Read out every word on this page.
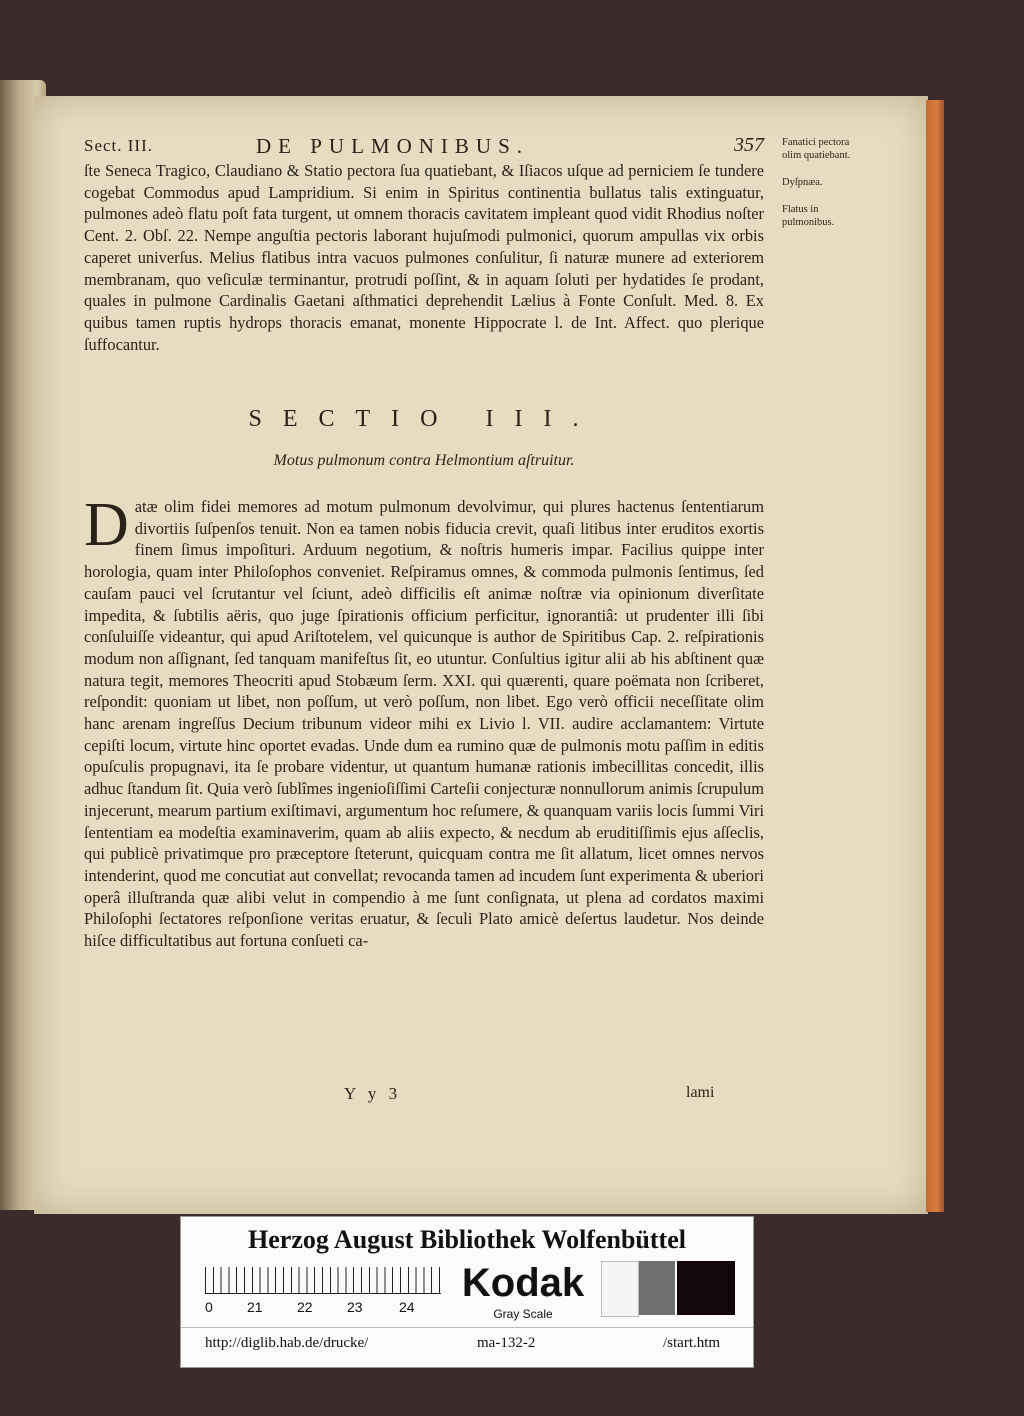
Sect. III.	DE PULMONIBUS.	357 Fanatici pectora olim quatiebant.
Dyſpnæa.
Flatus in pulmonibus.
ſte Seneca Tragico, Claudiano & Statio pectora ſua quatiebant, & Iſiacos uſque ad perniciem ſe tundere cogebat Commodus apud Lampridium. Si enim in Spiritus continentia bullatus talis extinguatur, pulmones adeò flatu poſt fata turgent, ut omnem thoracis cavitatem impleant quod vidit Rhodius noſter Cent. 2. Obſ. 22. Nempe anguſtia pectoris laborant hujuſmodi pulmonici, quorum ampullas vix orbis caperet univerſus. Melius flatibus intra vacuos pulmones conſulitur, ſi naturæ munere ad exteriorem membranam, quo veſiculæ terminantur, protrudi poſſint, & in aquam ſoluti per hydatides ſe prodant, quales in pulmone Cardinalis Gaetani aſthmatici deprehendit Lælius à Fonte Conſult. Med. 8. Ex quibus tamen ruptis hydrops thoracis emanat, monente Hippocrate l. de Int. Affect. quo plerique ſuffocantur.
SECTIO III.
Motus pulmonum contra Helmontium aſtruitur.
D atæ olim fidei memores ad motum pulmonum devolvimur, qui plures hactenus ſententiarum divortiis ſuſpenſos tenuit. Non ea tamen nobis fiducia crevit, quaſi litibus inter eruditos exortis finem ſimus impoſituri. Arduum negotium, & noſtris humeris impar. Facilius quippe inter horologia, quam inter Philoſophos conveniet. Reſpiramus omnes, & commoda pulmonis ſentimus, ſed cauſam pauci vel ſcrutantur vel ſciunt, adeò difficilis eſt animæ noſtræ via opinionum diverſitate impedita, & ſubtilis aëris, quo juge ſpirationis officium perficitur, ignorantiâ: ut prudenter illi ſibi conſuluiſſe videantur, qui apud Ariſtotelem, vel quicunque is author de Spiritibus Cap. 2. reſpirationis modum non aſſignant, ſed tanquam manifeſtus ſit, eo utuntur. Conſultius igitur alii ab his abſtinent quæ natura tegit, memores Theocriti apud Stobæum ſerm. XXI. qui quærenti, quare poëmata non ſcriberet, reſpondit: quoniam ut libet, non poſſum, ut verò poſſum, non libet. Ego verò officii neceſſitate olim hanc arenam ingreſſus Decium tribunum videor mihi ex Livio l. VII. audire acclamantem: Virtute cepiſti locum, virtute hinc oportet evadas. Unde dum ea rumino quæ de pulmonis motu paſſim in editis opuſculis propugnavi, ita ſe probare videntur, ut quantum humanæ rationis imbecillitas concedit, illis adhuc ſtandum ſit. Quia verò ſublîmes ingenioſiſſimi Carteſii conjecturæ nonnullorum animis ſcrupulum injecerunt, mearum partium exiſtimavi, argumentum hoc reſumere, & quanquam variis locis ſummi Viri ſententiam ea modeſtia examinaverim, quam ab aliis expecto, & necdum ab eruditiſſimis ejus aſſeclis, qui publicè privatimque pro præceptore ſteterunt, quicquam contra me ſit allatum, licet omnes nervos intenderint, quod me concutiat aut convellat; revocanda tamen ad incudem ſunt experimenta & uberiori operâ illuſtranda quæ alibi velut in compendio à me ſunt conſignata, ut plena ad cordatos maximi Philoſophi ſectatores reſponſione veritas eruatur, & ſeculi Plato amicè deſertus laudetur. Nos deinde hiſce difficultatibus aut fortuna conſueti ca-
Y y 3	lami
Herzog August Bibliothek Wolfenbüttel
0 21 22 23	24
Kodak
Gray Scale
http://diglib.hab.de/drucke/	ma-132-2	/start.htm
